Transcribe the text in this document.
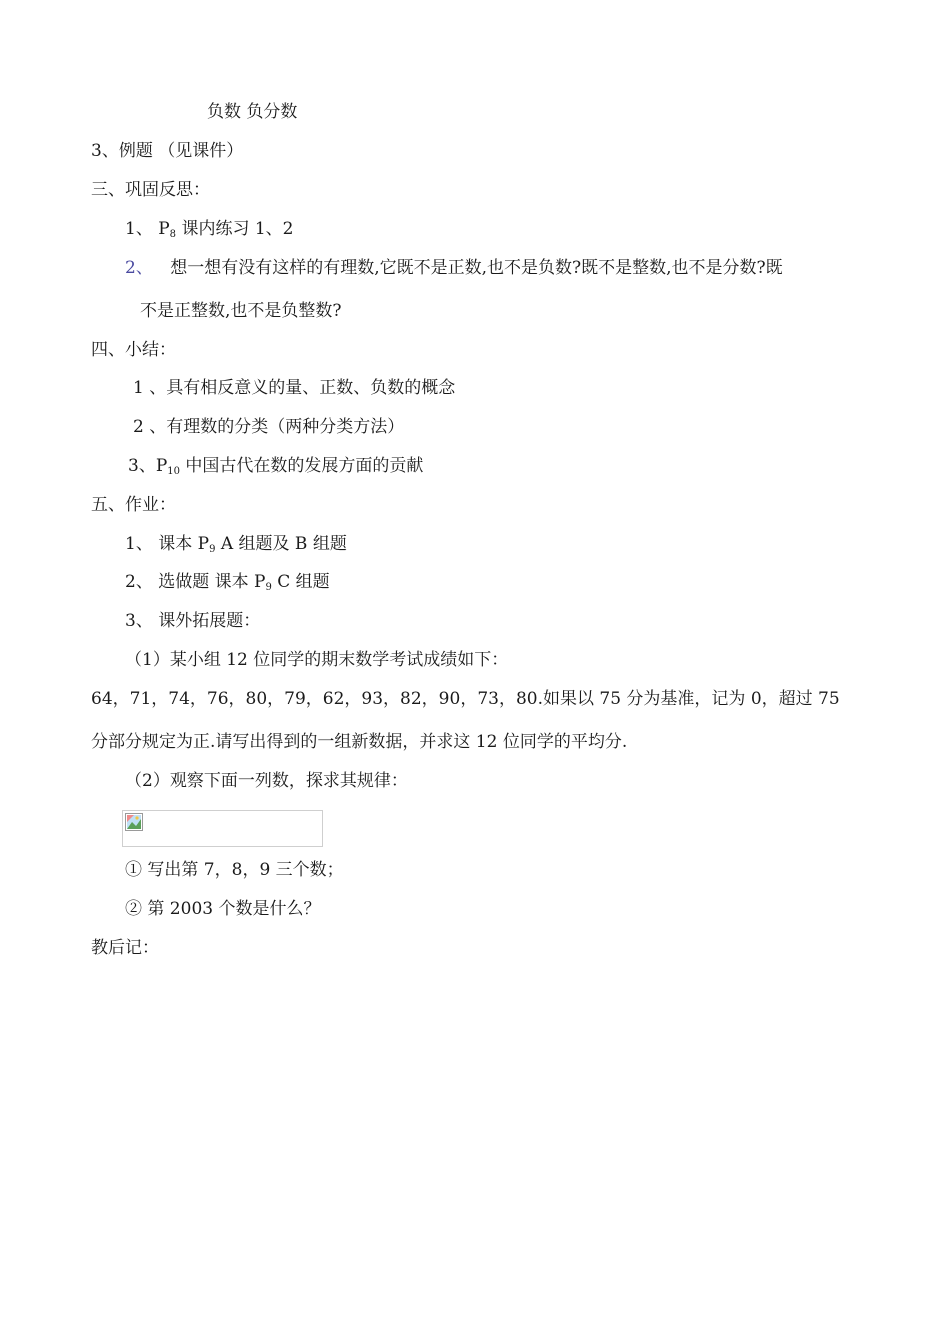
负数 负分数
3、例题 （见课件）
三、巩固反思：
1、 $P_8$ 课内练习 1、2
2、 想一想有没有这样的有理数,它既不是正数,也不是负数?既不是整数,也不是分数?既
不是正整数,也不是负整数?
四、小结：
1 、具有相反意义的量、正数、负数的概念
2 、有理数的分类（两种分类方法）
3、$P_{10}$ 中国古代在数的发展方面的贡献
五、作业：
1、 课本 $P_9$ A 组题及 B 组题
2、 选做题 课本 $P_9$ C 组题
3、 课外拓展题：
（1）某小组 12 位同学的期末数学考试成绩如下：
64，71，74，76，80，79，62，93，82，90，73，80.如果以 75 分为基准，记为 0，超过 75
分部分规定为正.请写出得到的一组新数据，并求这 12 位同学的平均分.
（2）观察下面一列数，探求其规律：
① 写出第 7，8，9 三个数；
② 第 2003 个数是什么？
教后记：
